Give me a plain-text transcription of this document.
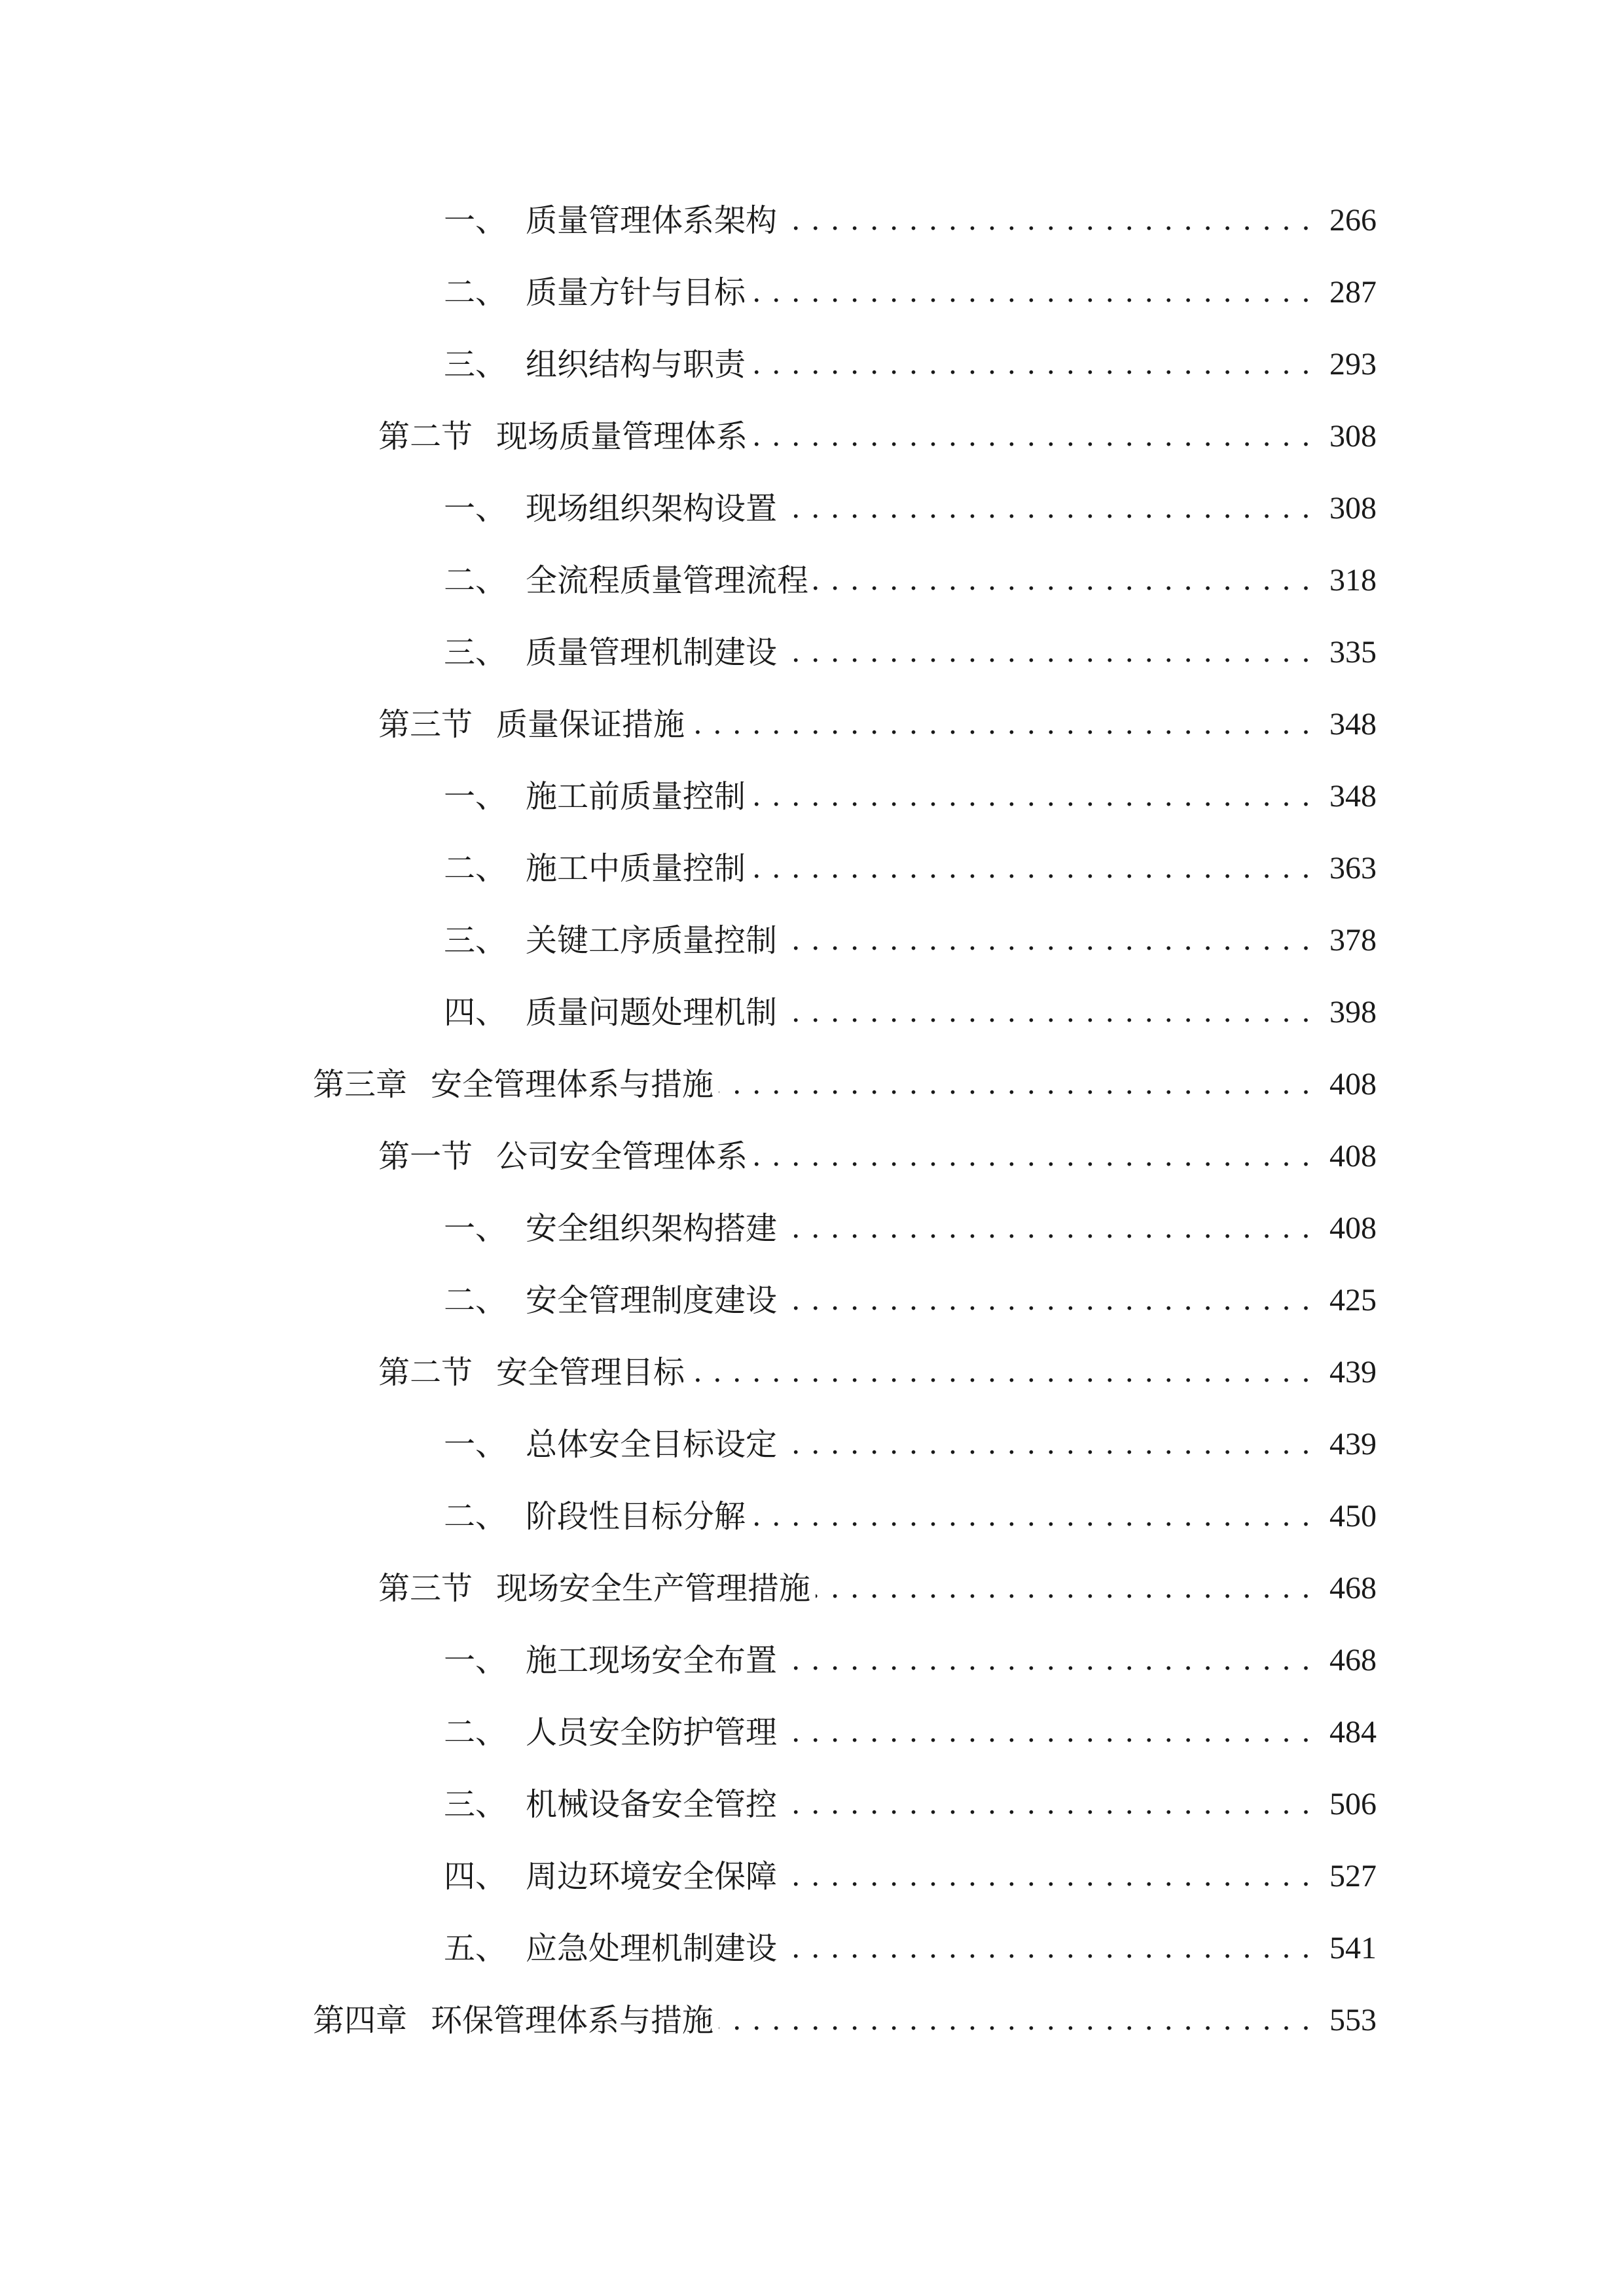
一、 质量管理体系架构 . . .	266
二、 质量方针与目标 . . .	287
三、 组织结构与职责 . . .	293
第二节 现场质量管理体系 . . .	308
一、 现场组织架构设置 . . .	308
二、 全流程质量管理流程 . . .	318
三、 质量管理机制建设 . . .	335
第三节 质量保证措施 . . .	348
一、 施工前质量控制 . . .	348
二、 施工中质量控制 . . .	363
三、 关键工序质量控制 . . .	378
四、 质量问题处理机制 . . .	398
第三章 安全管理体系与措施 . . .	408
第一节 公司安全管理体系 . . .	408
一、 安全组织架构搭建 . . .	408
二、 安全管理制度建设 . . .	425
第二节 安全管理目标 . . .	439
一、 总体安全目标设定 . . .	439
二、 阶段性目标分解 . . .	450
第三节 现场安全生产管理措施 . . .	468
一、 施工现场安全布置 . . .	468
二、 人员安全防护管理 . . .	484
三、 机械设备安全管控 . . .	506
四、 周边环境安全保障 . . .	527
五、 应急处理机制建设 . . .	541
第四章 环保管理体系与措施 . . .	553
